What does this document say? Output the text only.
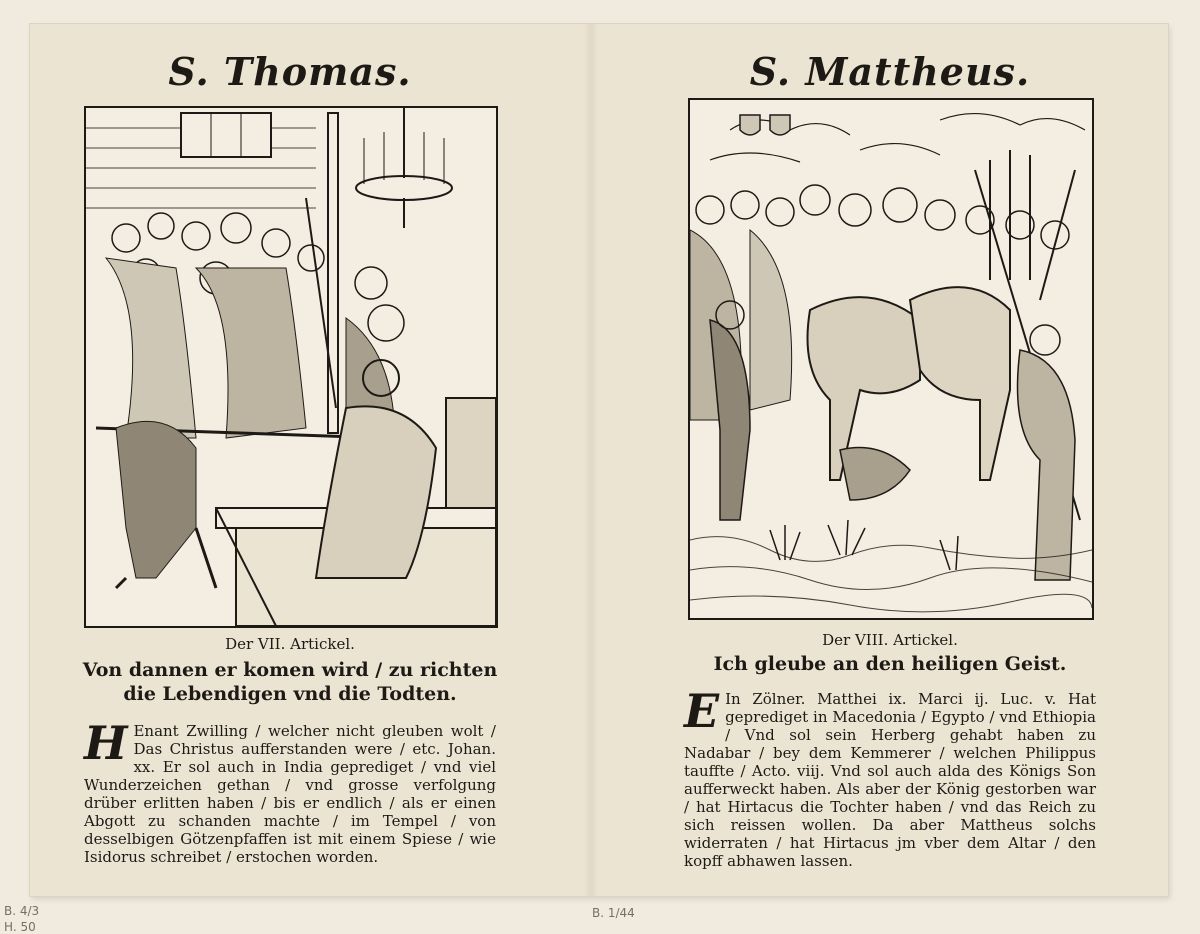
S. Thomas.
Der VII. Artickel.
Von dannen er komen wird / zu richten die Lebendigen vnd die Todten.
H Enant Zwilling / welcher nicht gleuben wolt / Das Christus aufferstanden were / etc. Johan. xx. Er sol auch in India geprediget / vnd viel Wunderzeichen gethan / vnd grosse verfolgung drüber erlitten haben / bis er endlich / als er einen Abgott zu schanden machte / im Tempel / von desselbigen Götzenpfaffen ist mit einem Spiese / wie Isidorus schreibet / erstochen worden.
S. Mattheus.
Der VIII. Artickel.
Ich gleube an den heiligen Geist.
E In Zölner. Matthei ix. Marci ij. Luc. v. Hat geprediget in Macedonia / Egypto / vnd Ethiopia / Vnd sol sein Herberg gehabt haben zu Nadabar / bey dem Kemmerer / welchen Philippus tauffte / Acto. viij. Vnd sol auch alda des Königs Son aufferweckt haben. Als aber der König gestorben war / hat Hirtacus die Tochter haben / vnd das Reich zu sich reissen wollen. Da aber Mattheus solchs widerraten / hat Hirtacus jm vber dem Altar / den kopff abhawen lassen.
B. 4/3
H. 50
B. 1/44
